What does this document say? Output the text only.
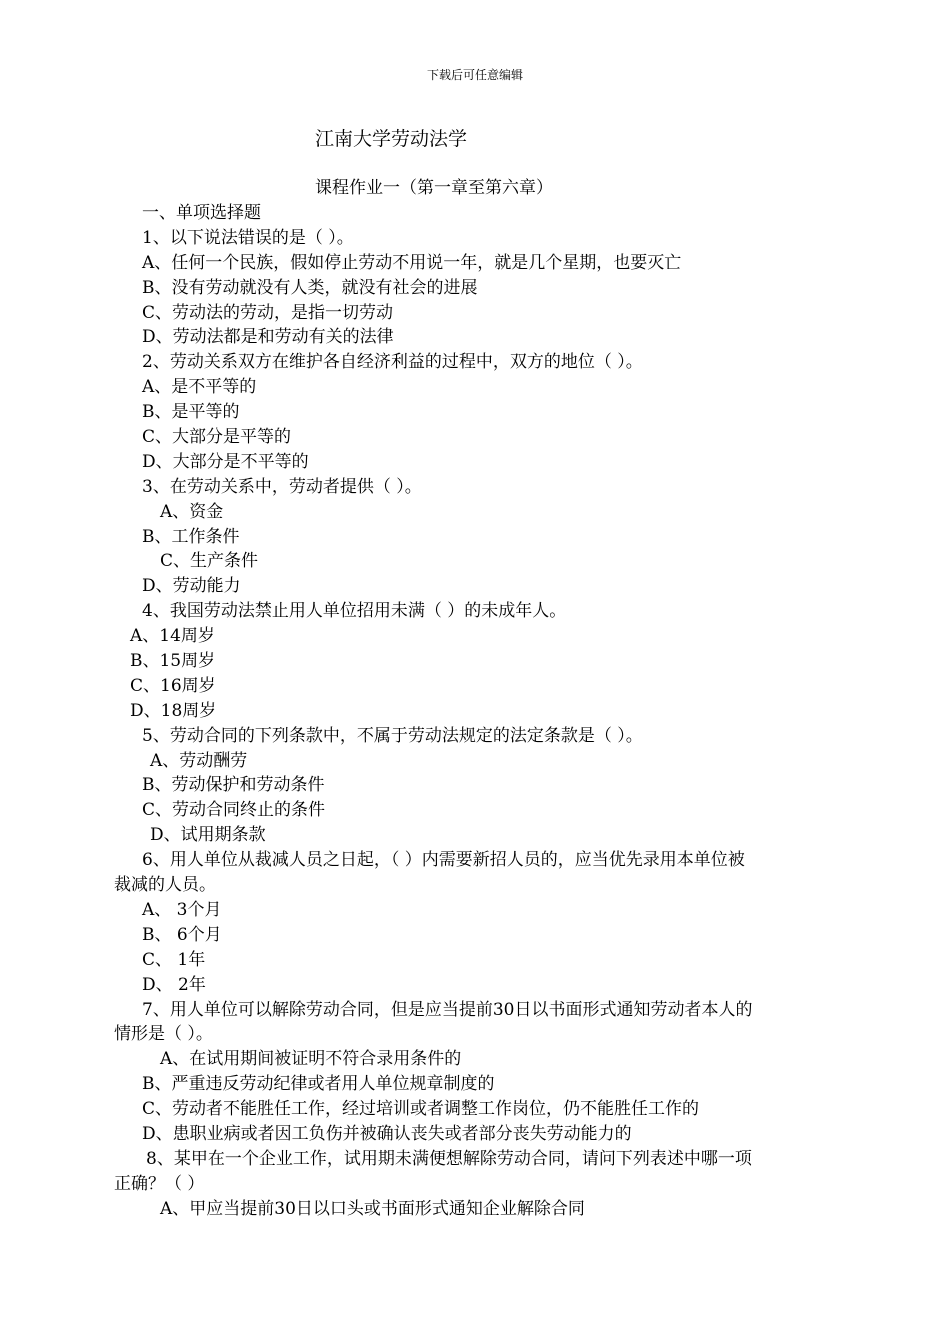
下载后可任意编辑
江南大学劳动法学
课程作业一（第一章至第六章）
一、单项选择题
1、以下说法错误的是（ ）。
A、任何一个民族，假如停止劳动不用说一年，就是几个星期，也要灭亡
B、没有劳动就没有人类，就没有社会的进展
C、劳动法的劳动，是指一切劳动
D、劳动法都是和劳动有关的法律
2、劳动关系双方在维护各自经济利益的过程中，双方的地位（ ）。
A、是不平等的
B、是平等的
C、大部分是平等的
D、大部分是不平等的
3、在劳动关系中，劳动者提供（ ）。
A、资金
B、工作条件
C、生产条件
D、劳动能力
4、我国劳动法禁止用人单位招用未满（ ）的未成年人。
A、14周岁
B、15周岁
C、16周岁
D、18周岁
5、劳动合同的下列条款中，不属于劳动法规定的法定条款是（ ）。
A、劳动酬劳
B、劳动保护和劳动条件
C、劳动合同终止的条件
D、试用期条款
6、用人单位从裁减人员之日起，（ ）内需要新招人员的，应当优先录用本单位被
裁减的人员。
A、 3个月
B、 6个月
C、 1年
D、 2年
7、用人单位可以解除劳动合同，但是应当提前30日以书面形式通知劳动者本人的
情形是（ ）。
A、在试用期间被证明不符合录用条件的
B、严重违反劳动纪律或者用人单位规章制度的
C、劳动者不能胜任工作，经过培训或者调整工作岗位，仍不能胜任工作的
D、患职业病或者因工负伤并被确认丧失或者部分丧失劳动能力的
8、某甲在一个企业工作，试用期未满便想解除劳动合同，请问下列表述中哪一项
正确？（ ）
A、甲应当提前30日以口头或书面形式通知企业解除合同
